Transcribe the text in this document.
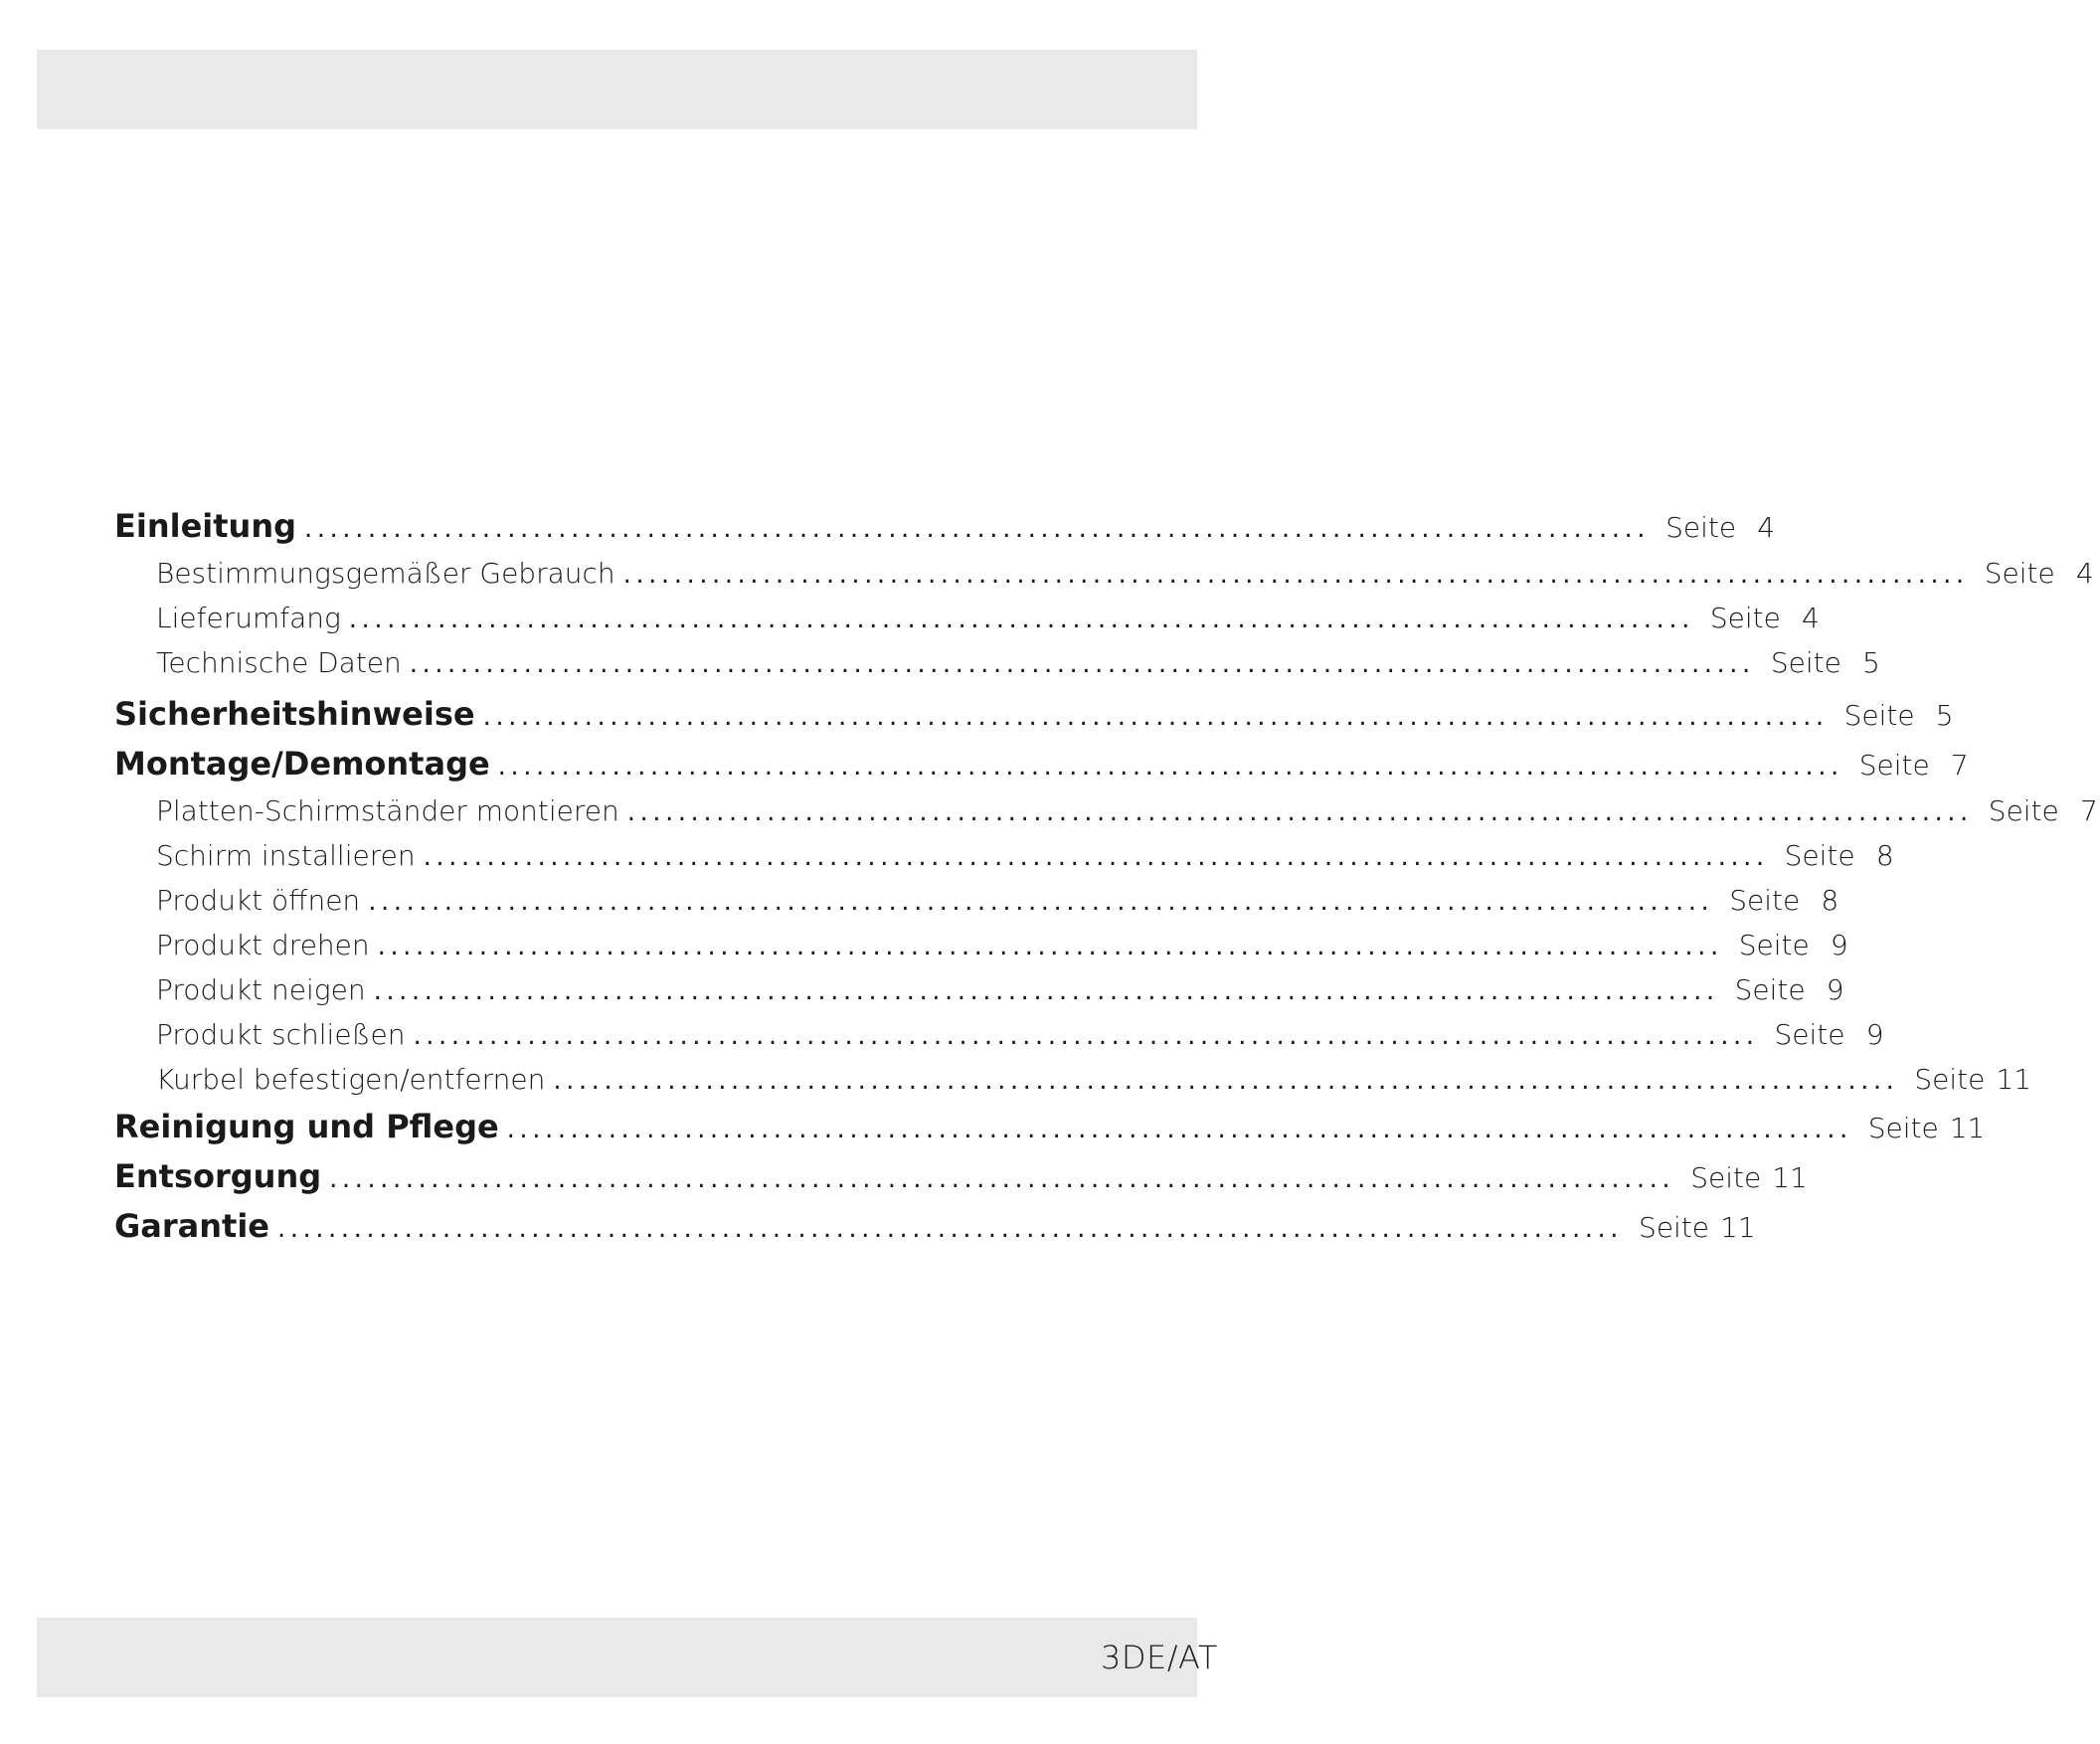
Einleitung .......................................................................................................... Seite 4
Bestimmungsgemäßer Gebrauch .......................................................................................................... Seite 4
Lieferumfang .......................................................................................................... Seite 4
Technische Daten .......................................................................................................... Seite 5
Sicherheitshinweise .......................................................................................................... Seite 5
Montage/Demontage .......................................................................................................... Seite 7
Platten-Schirmständer montieren .......................................................................................................... Seite 7
Schirm installieren .......................................................................................................... Seite 8
Produkt öffnen .......................................................................................................... Seite 8
Produkt drehen .......................................................................................................... Seite 9
Produkt neigen .......................................................................................................... Seite 9
Produkt schließen .......................................................................................................... Seite 9
Kurbel befestigen/entfernen .......................................................................................................... Seite 11
Reinigung und Pflege .......................................................................................................... Seite 11
Entsorgung .......................................................................................................... Seite 11
Garantie .......................................................................................................... Seite 11
3DE/AT
